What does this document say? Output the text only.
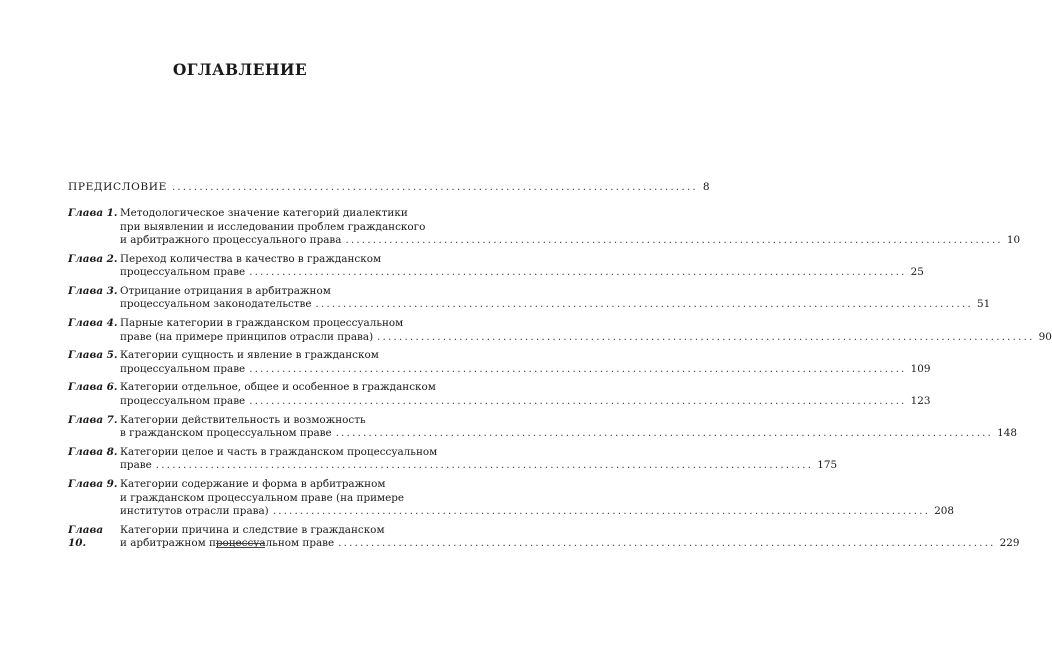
ОГЛАВЛЕНИЕ
ПРЕДИСЛОВИЕ ................................................................................................ 8
Глава 1. Методологическое значение категорий диалектики
при выявлении и исследовании проблем гражданского
и арбитражного процессуального права ........................................................................................................................ 10
Глава 2. Переход количества в качество в гражданском
процессуальном праве ........................................................................................................................ 25
Глава 3. Отрицание отрицания в арбитражном
процессуальном законодательстве ........................................................................................................................ 51
Глава 4. Парные категории в гражданском процессуальном
праве (на примере принципов отрасли права) ........................................................................................................................ 90
Глава 5. Категории сущность и явление в гражданском
процессуальном праве ........................................................................................................................ 109
Глава 6. Категории отдельное, общее и особенное в гражданском
процессуальном праве ........................................................................................................................ 123
Глава 7. Категории действительность и возможность
в гражданском процессуальном праве ........................................................................................................................ 148
Глава 8. Категории целое и часть в гражданском процессуальном
праве ........................................................................................................................ 175
Глава 9. Категории содержание и форма в арбитражном
и гражданском процессуальном праве (на примере
институтов отрасли права) ........................................................................................................................ 208
Глава 10.
Категории причина и следствие в гражданском
и арбитражном процессуальном праве ........................................................................................................................ 229
